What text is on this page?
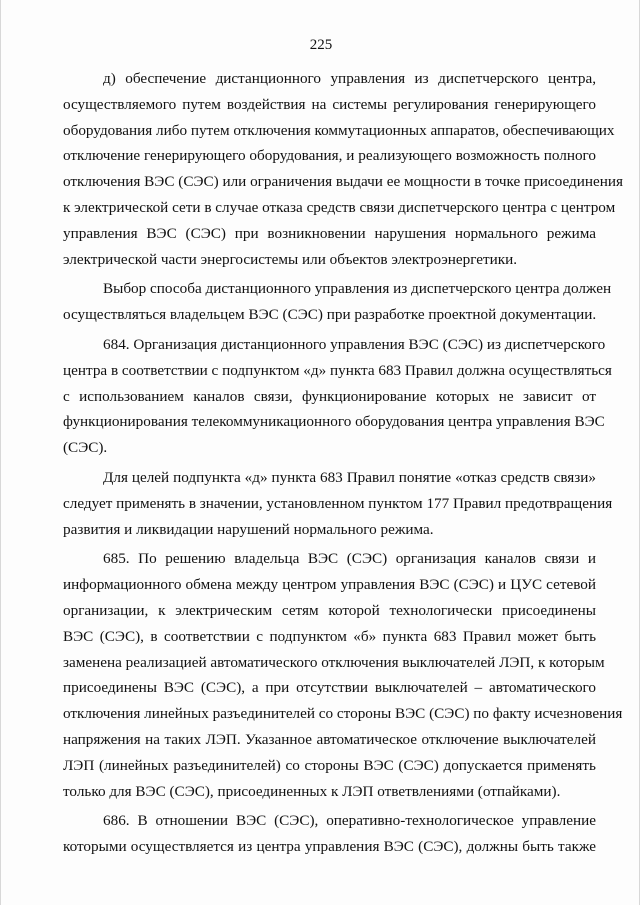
225
д) обеспечение дистанционного управления из диспетчерского центра,
осуществляемого путем воздействия на системы регулирования генерирующего
оборудования либо путем отключения коммутационных аппаратов, обеспечивающих
отключение генерирующего оборудования, и реализующего возможность полного
отключения ВЭС (СЭС) или ограничения выдачи ее мощности в точке присоединения
к электрической сети в случае отказа средств связи диспетчерского центра с центром
управления ВЭС (СЭС) при возникновении нарушения нормального режима
электрической части энергосистемы или объектов электроэнергетики.
Выбор способа дистанционного управления из диспетчерского центра должен
осуществляться владельцем ВЭС (СЭС) при разработке проектной документации.
684. Организация дистанционного управления ВЭС (СЭС) из диспетчерского
центра в соответствии с подпунктом «д» пункта 683 Правил должна осуществляться
с использованием каналов связи, функционирование которых не зависит от
функционирования телекоммуникационного оборудования центра управления ВЭС
(СЭС).
Для целей подпункта «д» пункта 683 Правил понятие «отказ средств связи»
следует применять в значении, установленном пунктом 177 Правил предотвращения
развития и ликвидации нарушений нормального режима.
685. По решению владельца ВЭС (СЭС) организация каналов связи и
информационного обмена между центром управления ВЭС (СЭС) и ЦУС сетевой
организации, к электрическим сетям которой технологически присоединены
ВЭС (СЭС), в соответствии с подпунктом «б» пункта 683 Правил может быть
заменена реализацией автоматического отключения выключателей ЛЭП, к которым
присоединены ВЭС (СЭС), а при отсутствии выключателей – автоматического
отключения линейных разъединителей со стороны ВЭС (СЭС) по факту исчезновения
напряжения на таких ЛЭП. Указанное автоматическое отключение выключателей
ЛЭП (линейных разъединителей) со стороны ВЭС (СЭС) допускается применять
только для ВЭС (СЭС), присоединенных к ЛЭП ответвлениями (отпайками).
686. В отношении ВЭС (СЭС), оперативно-технологическое управление
которыми осуществляется из центра управления ВЭС (СЭС), должны быть также
